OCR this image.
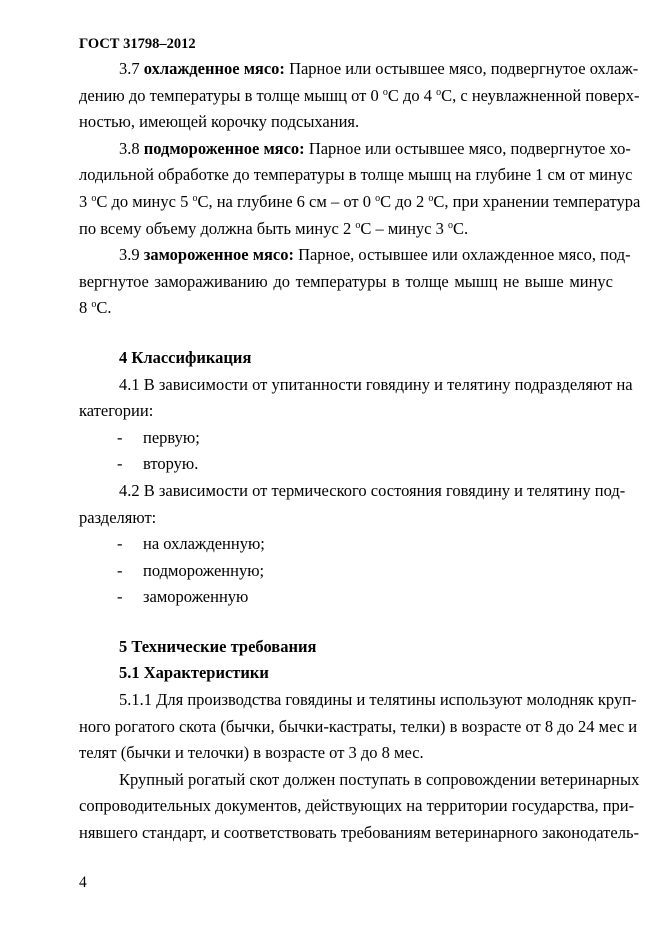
ГОСТ 31798–2012
3.7 охлажденное мясо: Парное или остывшее мясо, подвергнутое охлаж-
дению до температуры в толще мышц от 0 $^o$С до 4 $^o$С, с неувлажненной поверх-
ностью, имеющей корочку подсыхания.
3.8 подмороженное мясо: Парное или остывшее мясо, подвергнутое хо-
лодильной обработке до температуры в толще мышц на глубине 1 см от минус
3 $^o$С до минус 5 $^o$С, на глубине 6 см – от 0 $^o$С до 2 $^o$С, при хранении температура
по всему объему должна быть минус 2 $^o$С – минус 3 $^o$С.
3.9 замороженное мясо: Парное, остывшее или охлажденное мясо, под-
вергнутое замораживанию до температуры в толще мышц не выше минус
8 $^o$С.
4 Классификация
4.1 В зависимости от упитанности говядину и телятину подразделяют на
категории:
- первую;
- вторую.
4.2 В зависимости от термического состояния говядину и телятину под-
разделяют:
- на охлажденную;
- подмороженную;
- замороженную
5 Технические требования
5.1 Характеристики
5.1.1 Для производства говядины и телятины используют молодняк круп-
ного рогатого скота (бычки, бычки-кастраты, телки) в возрасте от 8 до 24 мес и
телят (бычки и телочки) в возрасте от 3 до 8 мес.
Крупный рогатый скот должен поступать в сопровождении ветеринарных
сопроводительных документов, действующих на территории государства, при-
нявшего стандарт, и соответствовать требованиям ветеринарного законодатель-
4
